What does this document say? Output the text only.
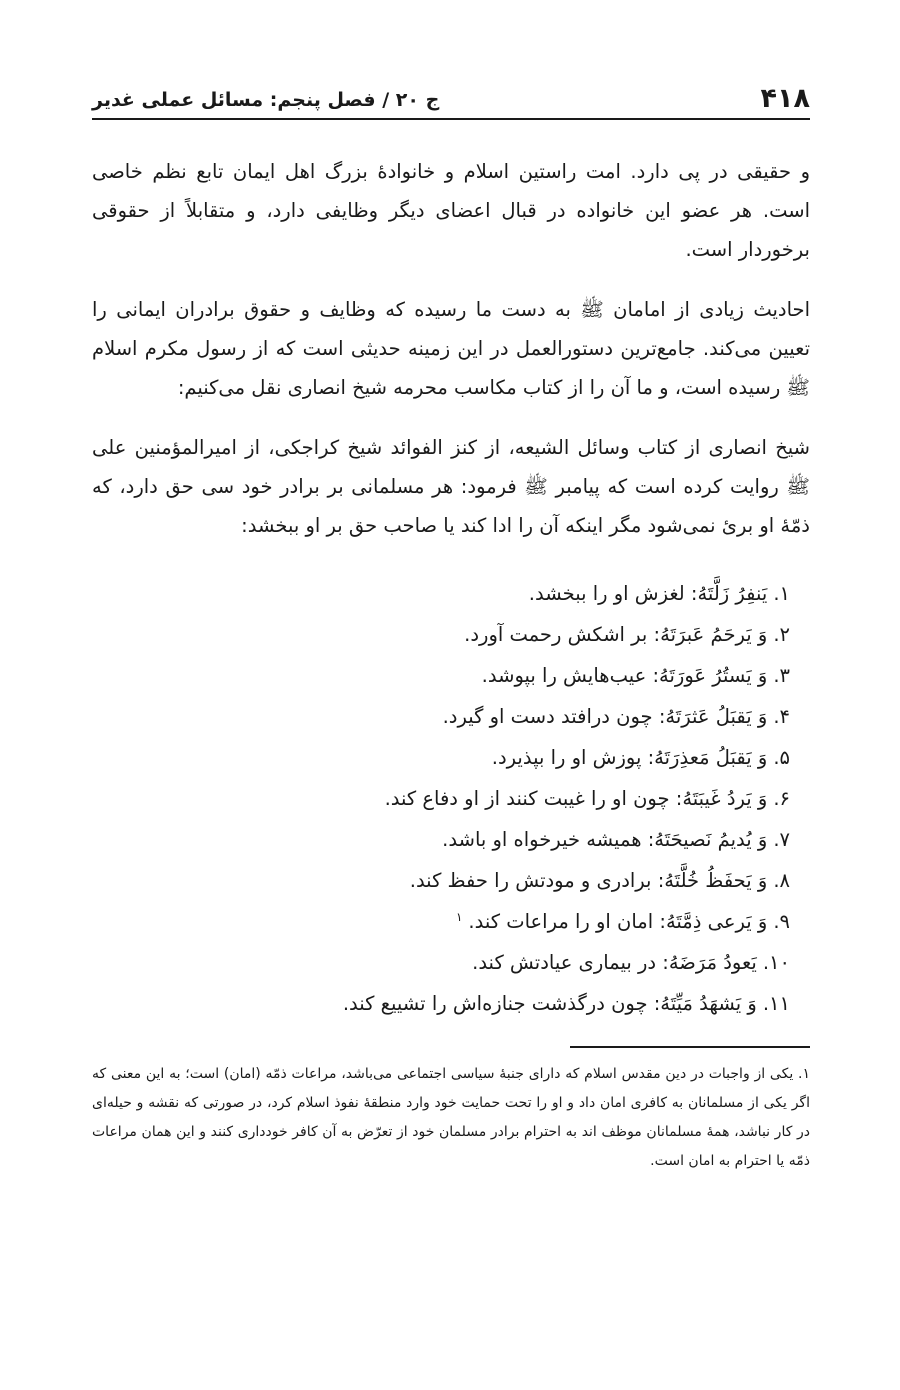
۴۱۸
ج ۲۰ / فصل پنجم: مسائل عملی غدیر

و حقیقی در پی دارد. امت راستین اسلام و خانوادهٔ بزرگ اهل ایمان تابع نظم خاصی است. هر عضو این خانواده در قبال اعضای دیگر وظایفی دارد، و متقابلاً از حقوقی برخوردار است.

احادیث زیادی از امامان ﷺ به دست ما رسیده که وظایف و حقوق برادران ایمانی را تعیین می‌کند. جامع‌ترین دستورالعمل در این زمینه حدیثی است که از رسول مکرم اسلام ﷺ رسیده است، و ما آن را از کتاب مکاسب محرمه شیخ انصاری نقل می‌کنیم:

شیخ انصاری از کتاب وسائل الشیعه، از کنز الفوائد شیخ کراجکی، از امیرالمؤمنین علی ﷺ روایت کرده است که پیامبر ﷺ فرمود: هر مسلمانی بر برادر خود سی حق دارد، که ذمّهٔ او بریٔ نمی‌شود مگر اینکه آن را ادا کند یا صاحب حق بر او ببخشد:

۱.يَنفِرُ زَلَّتَهُ: لغزش او را ببخشد.
۲.وَ يَرحَمُ عَبرَتَهُ: بر اشکش رحمت آورد.
۳.وَ يَستُرُ عَورَتَهُ: عیب‌هایش را بپوشد.
۴.وَ يَقبَلُ عَثرَتَهُ: چون درافتد دست او گیرد.
۵.وَ يَقبَلُ مَعذِرَتَهُ: پوزش او را بپذیرد.
۶.وَ يَردُ غَيبَتَهُ: چون او را غیبت کنند از او دفاع کند.
۷.وَ يُديمُ نَصيحَتَهُ: همیشه خیرخواه او باشد.
۸.وَ يَحفَظُ خُلَّتَهُ: برادری و مودتش را حفظ کند.
۹.وَ يَرعى ذِمَّتَهُ: امان او را مراعات کند.$^۱$
۱۰.يَعودُ مَرَضَهُ: در بیماری عیادتش کند.
۱۱.وَ يَشهَدُ مَيِّتَهُ: چون درگذشت جنازه‌اش را تشییع کند.

۱. یکی از واجبات در دین مقدس اسلام که دارای جنبهٔ سیاسی اجتماعی می‌باشد، مراعات ذمّه (امان) است؛ به این معنی که اگر یکی از مسلمانان به کافری امان داد و او را تحت حمایت خود وارد منطقهٔ نفوذ اسلام کرد، در صورتی که نقشه و حیله‌ای در کار نباشد، همهٔ مسلمانان موظف اند به احترام برادر مسلمان خود از تعرّض به آن کافر خودداری کنند و این همان مراعات ذمّه یا احترام به امان است.
